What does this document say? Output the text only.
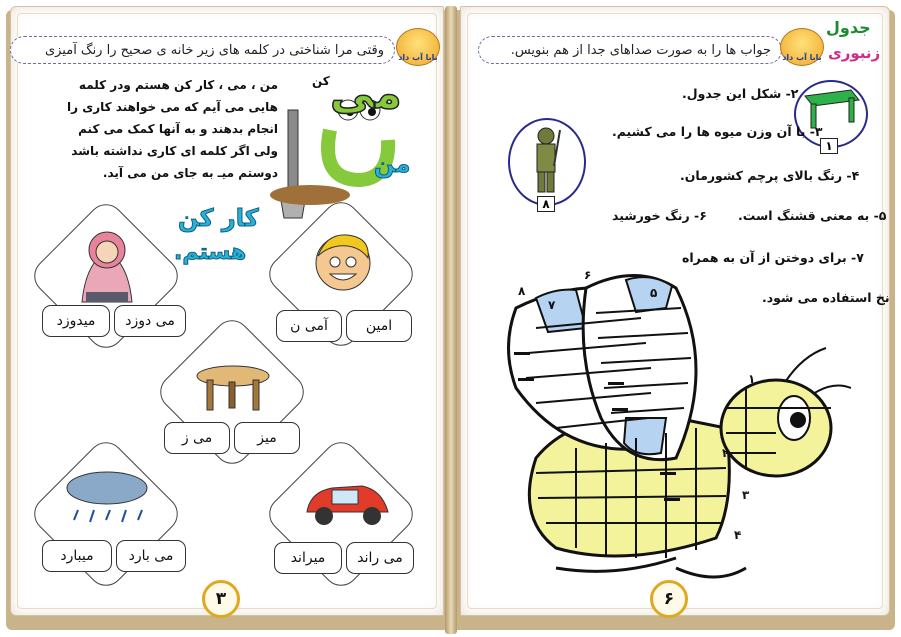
وقتی مرا شناختی در کلمه های زیر خانه ی صحیح را رنگ آمیزی بابا آب داد
من ، می ، کار کن هستم ودر کلمه
هایی می آیم که می خواهند کاری را
انجام بدهند و به آنها کمک می کنم
ولی اگر کلمه ای کاری نداشته باشد
دوستم میـ به جای من می آید.
می
کن
من
کار کن
هستم.
میدوزد	می دوزد	آمی ن	امین
می ز	میز
میبارد	می بارد	میراند	می راند
۳
جدول
زنبوری
جواب ها را به صورت صداهای جدا از هم بنویس. بابا آب داد
۱
۸
۲- شکل این جدول.
۳- با آن وزن میوه ها را می کشیم.
۴- رنگ بالای پرچم کشورمان.
۵- به معنی قشنگ است.
۶- رنگ خورشید
۷- برای دوختن از آن به همراه
نخ استفاده می شود.
۸
۷
۶
۵
۱
۲
۳
۴
۶
